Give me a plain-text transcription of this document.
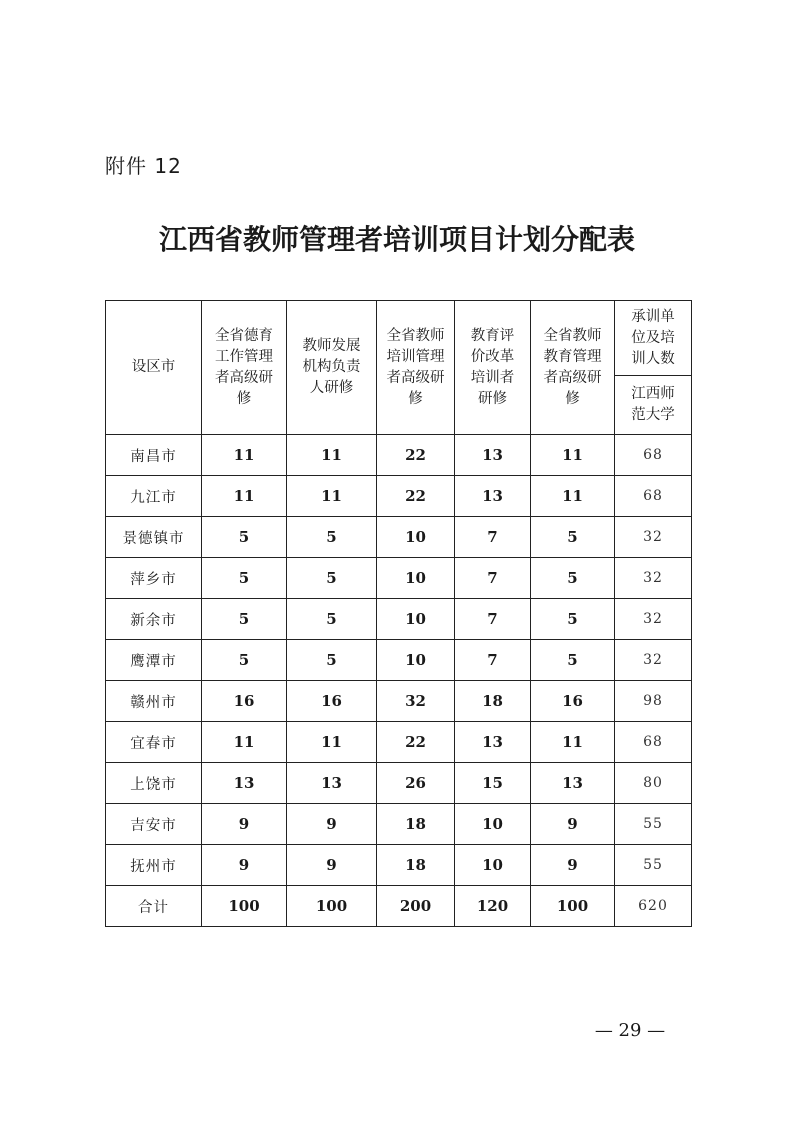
附件 12
江西省教师管理者培训项目计划分配表
设区市	全省德育
工作管理
者高级研
修	教师发展
机构负责
人研修	全省教师
培训管理
者高级研
修	教育评
价改革
培训者
研修	全省教师
教育管理
者高级研
修	承训单
位及培
训人数
						江西师
范大学
南昌市	11	11	22	13	11	68
九江市	11	11	22	13	11	68
景德镇市	5	5	10	7	5	32
萍乡市	5	5	10	7	5	32
新余市	5	5	10	7	5	32
鹰潭市	5	5	10	7	5	32
赣州市	16	16	32	18	16	98
宜春市	11	11	22	13	11	68
上饶市	13	13	26	15	13	80
吉安市	9	9	18	10	9	55
抚州市	9	9	18	10	9	55
合计	100	100	200	120	100	620
— 29 —
